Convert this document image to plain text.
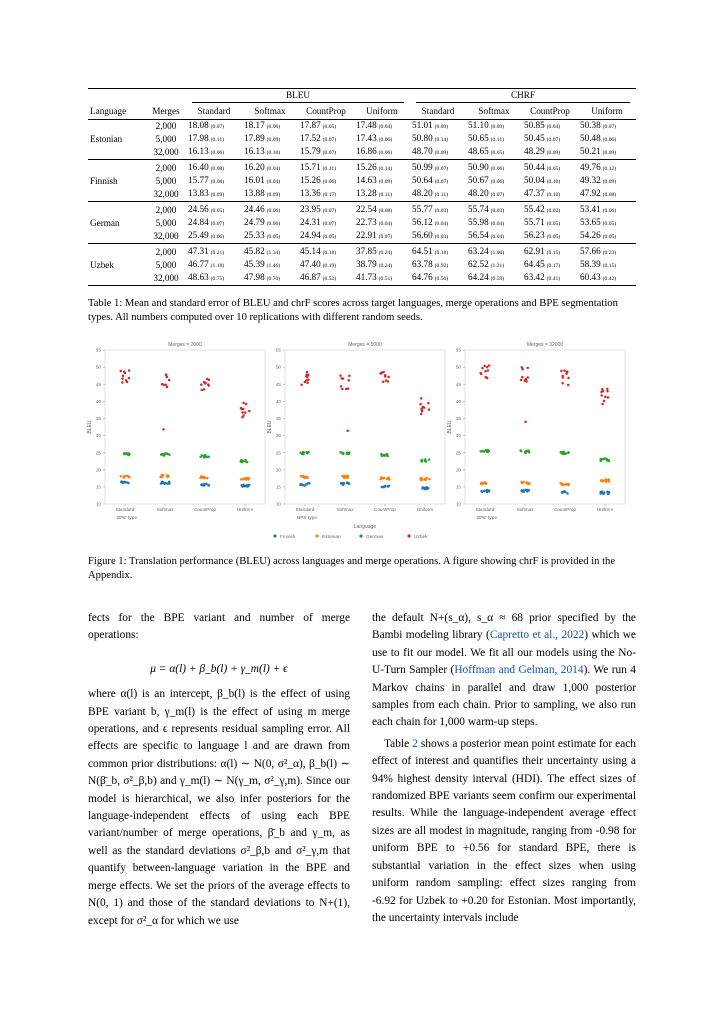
		BLEU				CHRF			

Language	Merges	Standard	Softmax	CountProp	Uniform	Standard	Softmax	CountProp	Uniform
	2,000	18.08 (0.07)	18.17 (0.06)	17.87 (0.05)	17.48 (0.04)	51.01 (0.09)	51.10 (0.09)	50.85 (0.04)	50.38 (0.07)
Estonian	5,000	17.98 (0.11)	17.89 (0.09)	17.52 (0.07)	17.43 (0.06)	50.80 (0.14)	50.65 (0.11)	50.45 (0.07)	50.48 (0.06)
	32,000	16.13 (0.06)	16.13 (0.10)	15.79 (0.07)	16.86 (0.06)	48.70 (0.09)	48.65 (0.05)	48.29 (0.09)	50.21 (0.09)
	2,000	16.40 (0.08)	16.20 (0.04)	15.71 (0.11)	15.26 (0.14)	50.99 (0.07)	50.90 (0.06)	50.44 (0.05)	49.76 (0.12)
Finnish	5,000	15.77 (0.08)	16.01 (0.04)	15.26 (0.06)	14.63 (0.09)	50.64 (0.07)	50.67 (0.06)	50.04 (0.10)	49.32 (0.09)
	32,000	13.83 (0.09)	13.88 (0.09)	13.36 (0.17)	13.28 (0.11)	48.20 (0.11)	48.20 (0.07)	47.37 (0.10)	47.92 (0.08)
	2,000	24.56 (0.05)	24.46 (0.06)	23.95 (0.07)	22.54 (0.08)	55.77 (0.03)	55.74 (0.03)	55.42 (0.02)	53.41 (0.06)
German	5,000	24.84 (0.07)	24.79 (0.06)	24.31 (0.07)	22.73 (0.04)	56.12 (0.04)	55.98 (0.04)	55.71 (0.05)	53.65 (0.05)
	32,000	25.49 (0.06)	25.33 (0.05)	24.94 (0.05)	22.91 (0.07)	56.60 (0.03)	56.54 (0.04)	56.23 (0.05)	54.26 (0.05)
	2,000	47.31 (0.21)	45.82 (1.34)	45.14 (0.18)	37.85 (0.24)	64.51 (0.18)	63.24 (1.00)	62.91 (0.15)	57.66 (0.23)
Uzbek	5,000	46.77 (1.18)	45.39 (1.46)	47.40 (0.19)	38.79 (0.24)	63.78 (0.92)	62.52 (1.31)	64.45 (0.17)	58.39 (0.15)
	32,000	48.63 (0.75)	47.98 (0.70)	46.87 (0.52)	41.73 (0.51)	64.76 (0.56)	64.24 (0.59)	63.42 (0.41)	60.43 (0.42)
Table 1: Mean and standard error of BLEU and chrF scores across target languages, merge operations and BPE segmentation types. All numbers computed over 10 replications with different random seeds.
Merges = 2000
10
15
20
25
30
35
40
45
50
55
BLEU
Standard	Softmax	CountProp	Uniform
BPE type
Merges = 5000
10
15
20
25
30
35
40
45
50
55
BLEU
Standard	Softmax	CountProp	Uniform
BPE type
Merges = 32000
10
15
20
25
30
35
40
45
50
55
BLEU
Standard	Softmax	CountProp	Uniform
BPE type
Language
Finnish	Estonian	German	Uzbek
Figure 1: Translation performance (BLEU) across languages and merge operations. A figure showing chrF is provided in the Appendix.

fects for the BPE variant and number of merge operations:

μ = α(l) + β_b(l) + γ_m(l) + ϵ

where α(l) is an intercept, β_b(l) is the effect of using BPE variant b, γ_m(l) is the effect of using m merge operations, and ϵ represents residual sampling error. All effects are specific to language l and are drawn from common prior distributions: α(l) ∼ N(0, σ²_α), β_b(l) ∼ N(β̄_b, σ²_β,b) and γ_m(l) ∼ N(γ_m, σ²_γ,m). Since our model is hierarchical, we also infer posteriors for the language-independent effects of using each BPE variant/number of merge operations, β̄_b and γ_m, as well as the standard deviations σ²_β,b and σ²_γ,m that quantify between-language variation in the BPE and merge effects. We set the priors of the average effects to N(0, 1) and those of the standard deviations to N+(1), except for σ²_α for which we use

the default N+(s_α), s_α ≈ 68 prior specified by the Bambi modeling library (Capretto et al., 2022) which we use to fit our model. We fit all our models using the No-U-Turn Sampler (Hoffman and Gelman, 2014). We run 4 Markov chains in parallel and draw 1,000 posterior samples from each chain. Prior to sampling, we also run each chain for 1,000 warm-up steps.

Table 2 shows a posterior mean point estimate for each effect of interest and quantifies their uncertainty using a 94% highest density interval (HDI). The effect sizes of randomized BPE variants seem confirm our experimental results. While the language-independent average effect sizes are all modest in magnitude, ranging from -0.98 for uniform BPE to +0.56 for standard BPE, there is substantial variation in the effect sizes when using uniform random sampling: effect sizes ranging from -6.92 for Uzbek to +0.20 for Estonian. Most importantly, the uncertainty intervals include
